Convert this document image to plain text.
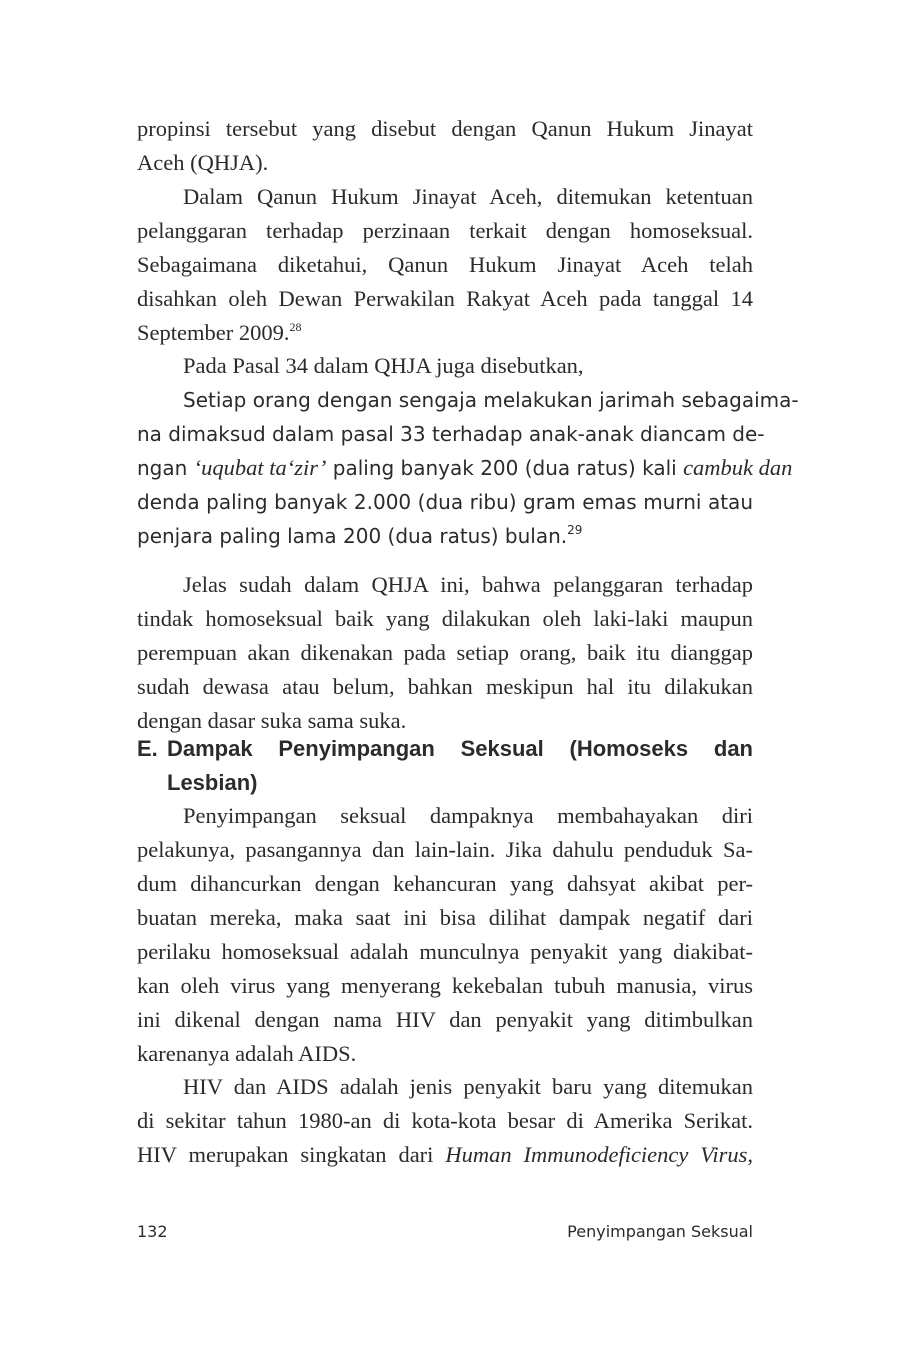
propinsi tersebut yang disebut dengan Qanun Hukum Jinayat
Aceh (QHJA).
Dalam Qanun Hukum Jinayat Aceh, ditemukan ketentuan
pelanggaran terhadap perzinaan terkait dengan homoseksual.
Sebagaimana diketahui, Qanun Hukum Jinayat Aceh telah
disahkan oleh Dewan Perwakilan Rakyat Aceh pada tanggal 14
September 2009.28
Pada Pasal 34 dalam QHJA juga disebutkan,
Setiap orang dengan sengaja melakukan jarimah sebagaima-
na dimaksud dalam pasal 33 terhadap anak-anak diancam de-
ngan ‘uqubat ta‘zir’ paling banyak 200 (dua ratus) kali cambuk dan
denda paling banyak 2.000 (dua ribu) gram emas murni atau
penjara paling lama 200 (dua ratus) bulan.$^{29}$
Jelas sudah dalam QHJA ini, bahwa pelanggaran terhadap
tindak homoseksual baik yang dilakukan oleh laki-laki maupun
perempuan akan dikenakan pada setiap orang, baik itu dianggap
sudah dewasa atau belum, bahkan meskipun hal itu dilakukan
dengan dasar suka sama suka.
E. Dampak Penyimpangan Seksual (Homoseks dan
Lesbian)
Penyimpangan seksual dampaknya membahayakan diri
pelakunya, pasangannya dan lain-lain. Jika dahulu penduduk Sa-
dum dihancurkan dengan kehancuran yang dahsyat akibat per-
buatan mereka, maka saat ini bisa dilihat dampak negatif dari
perilaku homoseksual adalah munculnya penyakit yang diakibat-
kan oleh virus yang menyerang kekebalan tubuh manusia, virus
ini dikenal dengan nama HIV dan penyakit yang ditimbulkan
karenanya adalah AIDS.
HIV dan AIDS adalah jenis penyakit baru yang ditemukan
di sekitar tahun 1980-an di kota-kota besar di Amerika Serikat.
HIV merupakan singkatan dari Human Immunodeficiency Virus,
132	Penyimpangan Seksual
